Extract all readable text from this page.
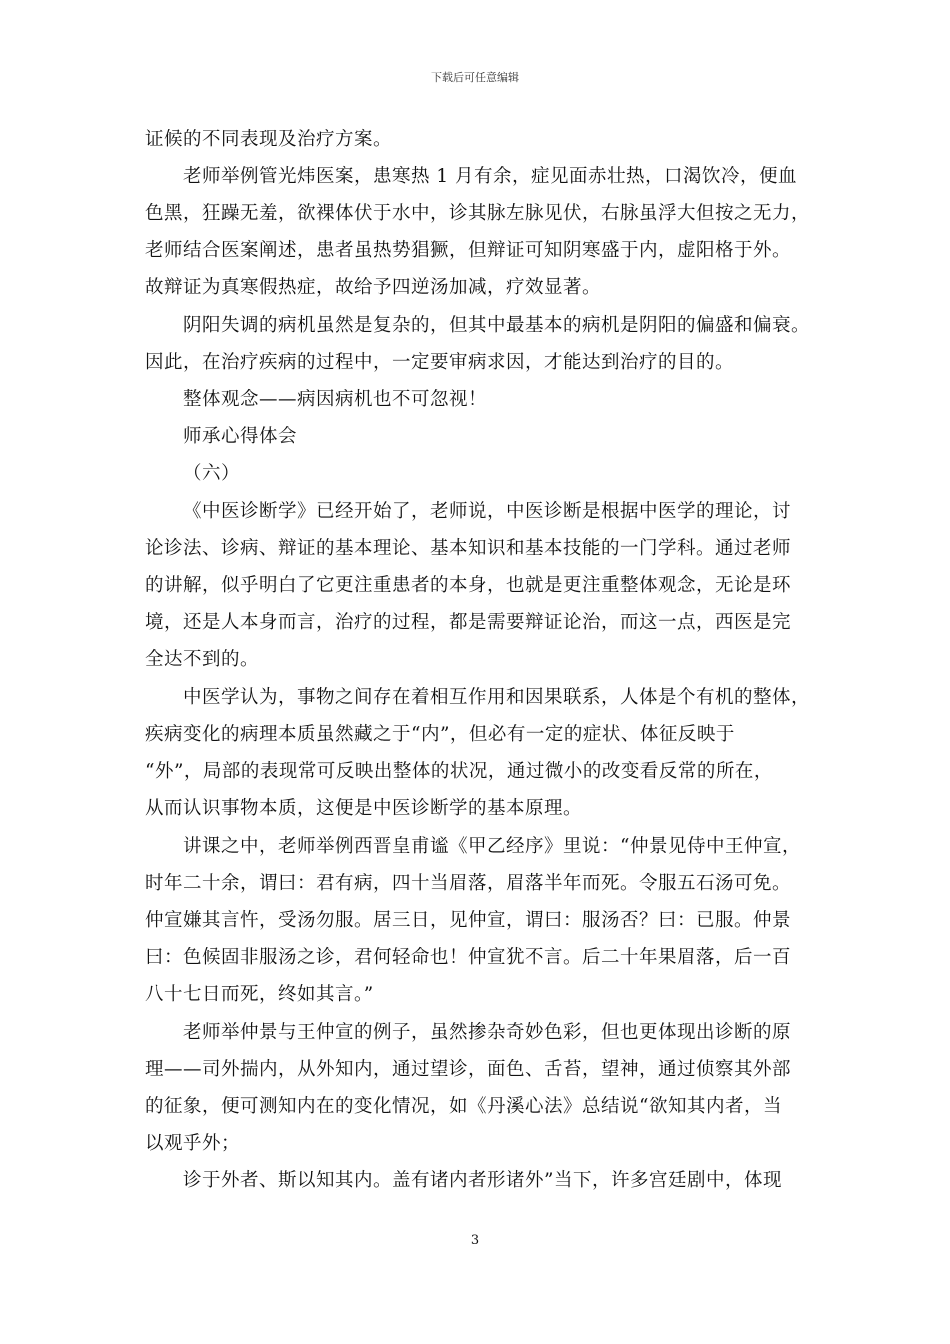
下载后可任意编辑
证候的不同表现及治疗方案。
老师举例管光炜医案，患寒热 1 月有余，症见面赤壮热，口渴饮冷，便血
色黑，狂躁无羞，欲裸体伏于水中，诊其脉左脉见伏，右脉虽浮大但按之无力，
老师结合医案阐述，患者虽热势猖獗，但辩证可知阴寒盛于内，虚阳格于外。
故辩证为真寒假热症，故给予四逆汤加减，疗效显著。
阴阳失调的病机虽然是复杂的，但其中最基本的病机是阴阳的偏盛和偏衰。
因此，在治疗疾病的过程中，一定要审病求因，才能达到治疗的目的。
整体观念——病因病机也不可忽视！
师承心得体会
（六）
《中医诊断学》已经开始了，老师说，中医诊断是根据中医学的理论，讨
论诊法、诊病、辩证的基本理论、基本知识和基本技能的一门学科。通过老师
的讲解，似乎明白了它更注重患者的本身，也就是更注重整体观念，无论是环
境，还是人本身而言，治疗的过程，都是需要辩证论治，而这一点，西医是完
全达不到的。
中医学认为，事物之间存在着相互作用和因果联系，人体是个有机的整体，
疾病变化的病理本质虽然藏之于“内”，但必有一定的症状、体征反映于
“外”，局部的表现常可反映出整体的状况，通过微小的改变看反常的所在，
从而认识事物本质，这便是中医诊断学的基本原理。
讲课之中，老师举例西晋皇甫谧《甲乙经序》里说：“仲景见侍中王仲宣，
时年二十余，谓曰：君有病，四十当眉落，眉落半年而死。令服五石汤可免。
仲宣嫌其言忤，受汤勿服。居三日，见仲宣，谓曰：服汤否？曰：已服。仲景
曰：色候固非服汤之诊，君何轻命也！仲宣犹不言。后二十年果眉落，后一百
八十七日而死，终如其言。”
老师举仲景与王仲宣的例子，虽然掺杂奇妙色彩，但也更体现出诊断的原
理——司外揣内，从外知内，通过望诊，面色、舌苔，望神，通过侦察其外部
的征象，便可测知内在的变化情况，如《丹溪心法》总结说“欲知其内者，当
以观乎外；
诊于外者、斯以知其内。盖有诸内者形诸外”当下，许多宫廷剧中，体现
3
